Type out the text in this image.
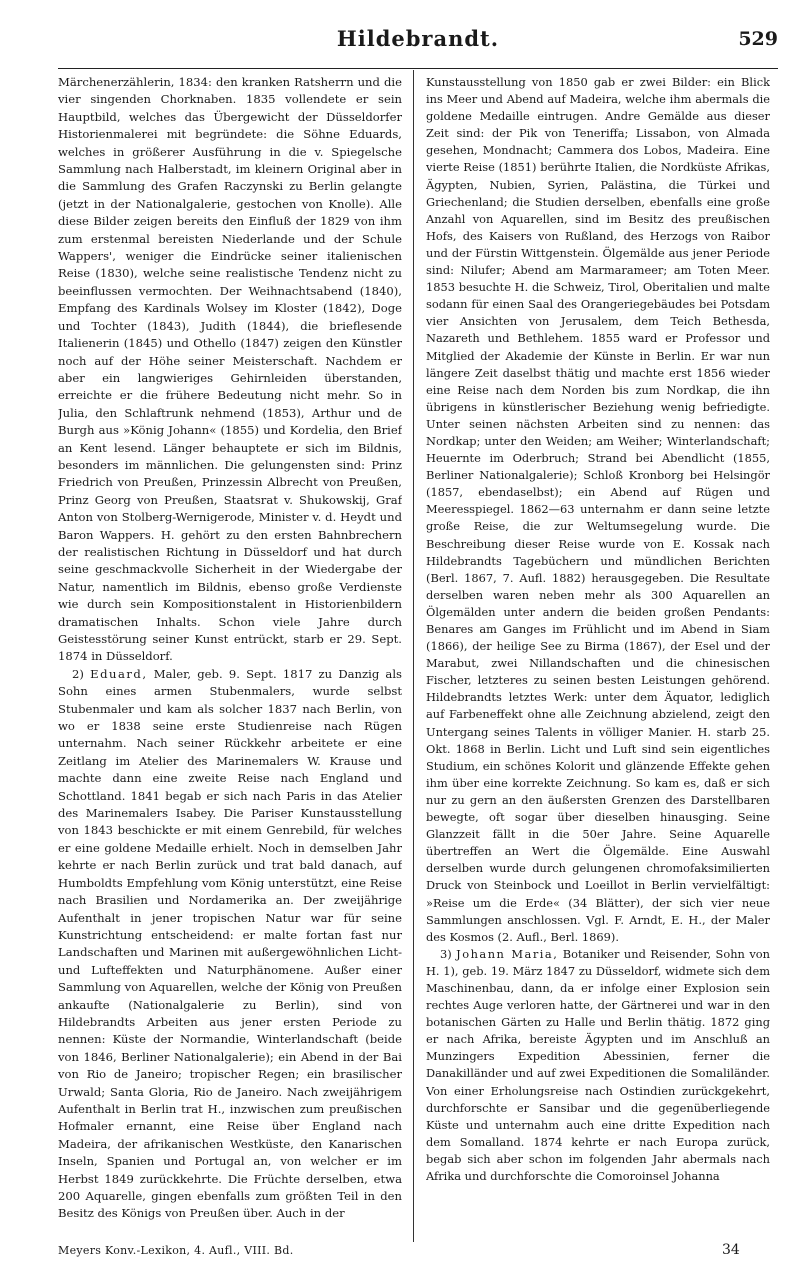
Hildebrandt.	529

Märchenerzählerin, 1834: den kranken Ratsherrn und die vier singenden Chorknaben. 1835 vollendete er sein Hauptbild, welches das Übergewicht der Düsseldorfer Historienmalerei mit begründete: die Söhne Eduards, welches in größerer Ausführung in die v. Spiegelsche Sammlung nach Halberstadt, im kleinern Original aber in die Sammlung des Grafen Raczynski zu Berlin gelangte (jetzt in der Nationalgalerie, gestochen von Knolle). Alle diese Bilder zeigen bereits den Einfluß der 1829 von ihm zum erstenmal bereisten Niederlande und der Schule Wappers', weniger die Eindrücke seiner italienischen Reise (1830), welche seine realistische Tendenz nicht zu beeinflussen vermochten. Der Weihnachtsabend (1840), Empfang des Kardinals Wolsey im Kloster (1842), Doge und Tochter (1843), Judith (1844), die brieflesende Italienerin (1845) und Othello (1847) zeigen den Künstler noch auf der Höhe seiner Meisterschaft. Nachdem er aber ein langwieriges Gehirnleiden überstanden, erreichte er die frühere Bedeutung nicht mehr. So in Julia, den Schlaftrunk nehmend (1853), Arthur und de Burgh aus »König Johann« (1855) und Kordelia, den Brief an Kent lesend. Länger behauptete er sich im Bildnis, besonders im männlichen. Die gelungensten sind: Prinz Friedrich von Preußen, Prinzessin Albrecht von Preußen, Prinz Georg von Preußen, Staatsrat v. Shukowskij, Graf Anton von Stolberg-Wernigerode, Minister v. d. Heydt und Baron Wappers. H. gehört zu den ersten Bahnbrechern der realistischen Richtung in Düsseldorf und hat durch seine geschmackvolle Sicherheit in der Wiedergabe der Natur, namentlich im Bildnis, ebenso große Verdienste wie durch sein Kompositionstalent in Historienbildern dramatischen Inhalts. Schon viele Jahre durch Geistesstörung seiner Kunst entrückt, starb er 29. Sept. 1874 in Düsseldorf.

2) Eduard, Maler, geb. 9. Sept. 1817 zu Danzig als Sohn eines armen Stubenmalers, wurde selbst Stubenmaler und kam als solcher 1837 nach Berlin, von wo er 1838 seine erste Studienreise nach Rügen unternahm. Nach seiner Rückkehr arbeitete er eine Zeitlang im Atelier des Marinemalers W. Krause und machte dann eine zweite Reise nach England und Schottland. 1841 begab er sich nach Paris in das Atelier des Marinemalers Isabey. Die Pariser Kunstausstellung von 1843 beschickte er mit einem Genrebild, für welches er eine goldene Medaille erhielt. Noch in demselben Jahr kehrte er nach Berlin zurück und trat bald danach, auf Humboldts Empfehlung vom König unterstützt, eine Reise nach Brasilien und Nordamerika an. Der zweijährige Aufenthalt in jener tropischen Natur war für seine Kunstrichtung entscheidend: er malte fortan fast nur Landschaften und Marinen mit außergewöhnlichen Licht- und Lufteffekten und Naturphänomene. Außer einer Sammlung von Aquarellen, welche der König von Preußen ankaufte (Nationalgalerie zu Berlin), sind von Hildebrandts Arbeiten aus jener ersten Periode zu nennen: Küste der Normandie, Winterlandschaft (beide von 1846, Berliner Nationalgalerie); ein Abend in der Bai von Rio de Janeiro; tropischer Regen; ein brasilischer Urwald; Santa Gloria, Rio de Janeiro. Nach zweijährigem Aufenthalt in Berlin trat H., inzwischen zum preußischen Hofmaler ernannt, eine Reise über England nach Madeira, der afrikanischen Westküste, den Kanarischen Inseln, Spanien und Portugal an, von welcher er im Herbst 1849 zurückkehrte. Die Früchte derselben, etwa 200 Aquarelle, gingen ebenfalls zum größten Teil in den Besitz des Königs von Preußen über. Auch in der

Kunstausstellung von 1850 gab er zwei Bilder: ein Blick ins Meer und Abend auf Madeira, welche ihm abermals die goldene Medaille eintrugen. Andre Gemälde aus dieser Zeit sind: der Pik von Teneriffa; Lissabon, von Almada gesehen, Mondnacht; Cammera dos Lobos, Madeira. Eine vierte Reise (1851) berührte Italien, die Nordküste Afrikas, Ägypten, Nubien, Syrien, Palästina, die Türkei und Griechenland; die Studien derselben, ebenfalls eine große Anzahl von Aquarellen, sind im Besitz des preußischen Hofs, des Kaisers von Rußland, des Herzogs von Raibor und der Fürstin Wittgenstein. Ölgemälde aus jener Periode sind: Nilufer; Abend am Marmarameer; am Toten Meer. 1853 besuchte H. die Schweiz, Tirol, Oberitalien und malte sodann für einen Saal des Orangeriegebäudes bei Potsdam vier Ansichten von Jerusalem, dem Teich Bethesda, Nazareth und Bethlehem. 1855 ward er Professor und Mitglied der Akademie der Künste in Berlin. Er war nun längere Zeit daselbst thätig und machte erst 1856 wieder eine Reise nach dem Norden bis zum Nordkap, die ihn übrigens in künstlerischer Beziehung wenig befriedigte. Unter seinen nächsten Arbeiten sind zu nennen: das Nordkap; unter den Weiden; am Weiher; Winterlandschaft; Heuernte im Oderbruch; Strand bei Abendlicht (1855, Berliner Nationalgalerie); Schloß Kronborg bei Helsingör (1857, ebendaselbst); ein Abend auf Rügen und Meeresspiegel. 1862—63 unternahm er dann seine letzte große Reise, die zur Weltumsegelung wurde. Die Beschreibung dieser Reise wurde von E. Kossak nach Hildebrandts Tagebüchern und mündlichen Berichten (Berl. 1867, 7. Aufl. 1882) herausgegeben. Die Resultate derselben waren neben mehr als 300 Aquarellen an Ölgemälden unter andern die beiden großen Pendants: Benares am Ganges im Frühlicht und im Abend in Siam (1866), der heilige See zu Birma (1867), der Esel und der Marabut, zwei Nillandschaften und die chinesischen Fischer, letzteres zu seinen besten Leistungen gehörend. Hildebrandts letztes Werk: unter dem Äquator, lediglich auf Farbeneffekt ohne alle Zeichnung abzielend, zeigt den Untergang seines Talents in völliger Manier. H. starb 25. Okt. 1868 in Berlin. Licht und Luft sind sein eigentliches Studium, ein schönes Kolorit und glänzende Effekte gehen ihm über eine korrekte Zeichnung. So kam es, daß er sich nur zu gern an den äußersten Grenzen des Darstellbaren bewegte, oft sogar über dieselben hinausging. Seine Glanzzeit fällt in die 50er Jahre. Seine Aquarelle übertreffen an Wert die Ölgemälde. Eine Auswahl derselben wurde durch gelungenen chromofaksimilierten Druck von Steinbock und Loeillot in Berlin vervielfältigt: »Reise um die Erde« (34 Blätter), der sich vier neue Sammlungen anschlossen. Vgl. F. Arndt, E. H., der Maler des Kosmos (2. Aufl., Berl. 1869).

3) Johann Maria, Botaniker und Reisender, Sohn von H. 1), geb. 19. März 1847 zu Düsseldorf, widmete sich dem Maschinenbau, dann, da er infolge einer Explosion sein rechtes Auge verloren hatte, der Gärtnerei und war in den botanischen Gärten zu Halle und Berlin thätig. 1872 ging er nach Afrika, bereiste Ägypten und im Anschluß an Munzingers Expedition Abessinien, ferner die Danakilländer und auf zwei Expeditionen die Somaliländer. Von einer Erholungsreise nach Ostindien zurückgekehrt, durchforschte er Sansibar und die gegenüberliegende Küste und unternahm auch eine dritte Expedition nach dem Somalland. 1874 kehrte er nach Europa zurück, begab sich aber schon im folgenden Jahr abermals nach Afrika und durchforschte die Comoroinsel Johanna

Meyers Konv.-Lexikon, 4. Aufl., VIII. Bd.	34
